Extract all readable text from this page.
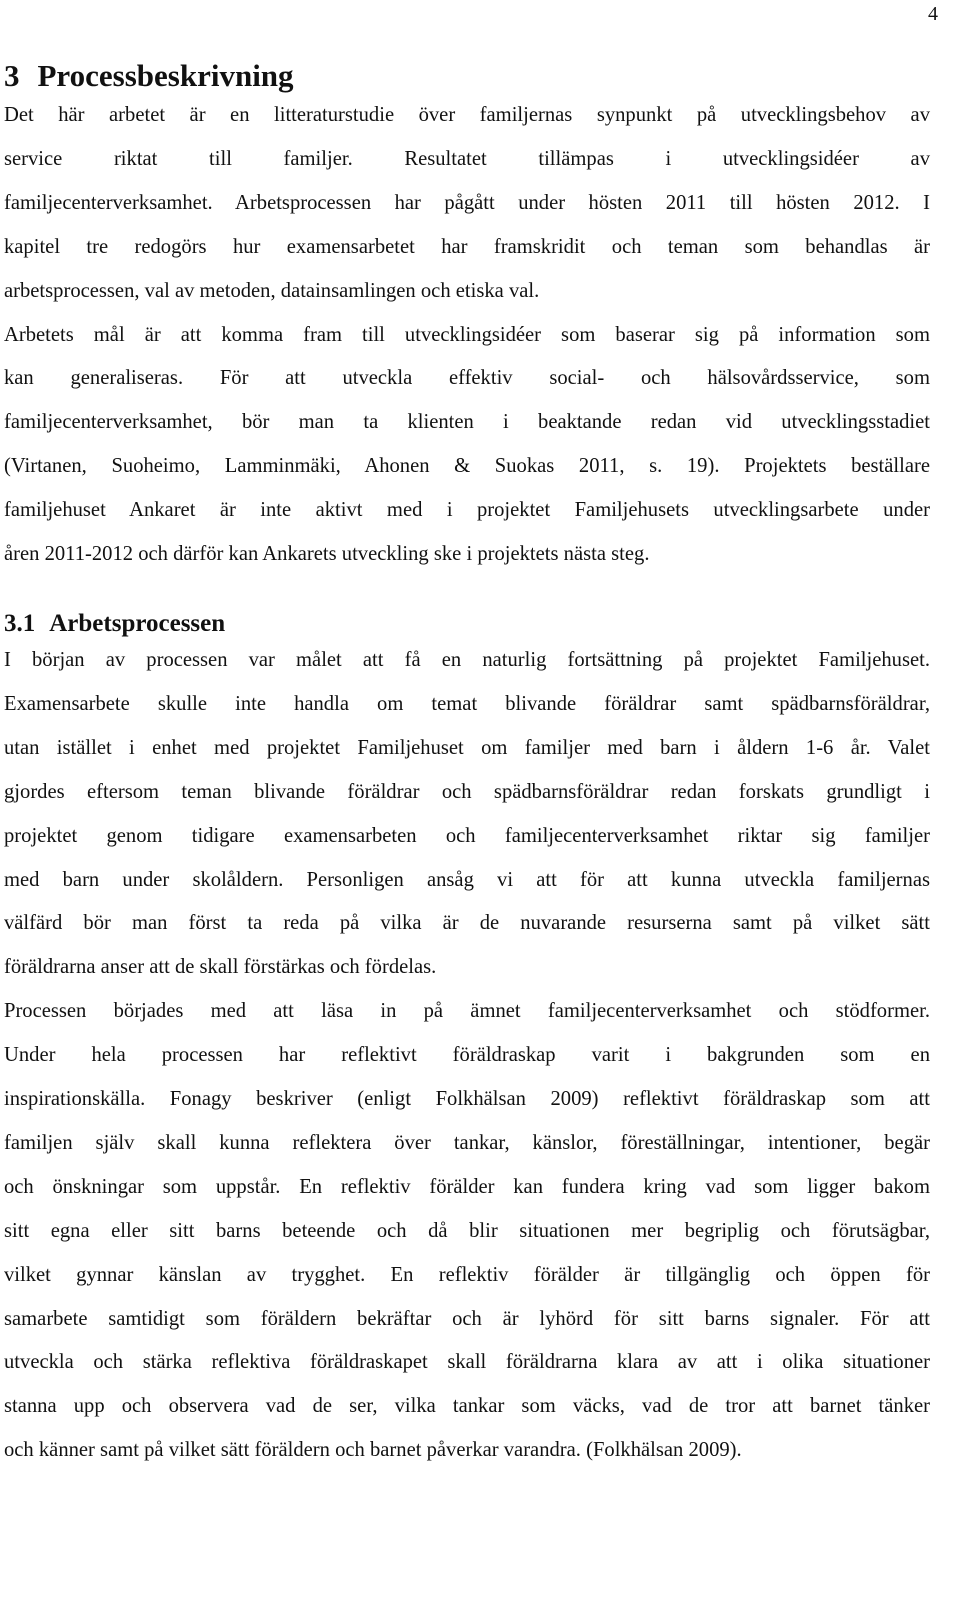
4
3 Processbeskrivning

Det här arbetet är en litteraturstudie över familjernas synpunkt på utvecklingsbehov av
service riktat till familjer. Resultatet tillämpas i utvecklingsidéer av
familjecenterverksamhet. Arbetsprocessen har pågått under hösten 2011 till hösten 2012. I
kapitel tre redogörs hur examensarbetet har framskridit och teman som behandlas är
arbetsprocessen, val av metoden, datainsamlingen och etiska val.

Arbetets mål är att komma fram till utvecklingsidéer som baserar sig på information som
kan generaliseras. För att utveckla effektiv social- och hälsovårdsservice, som
familjecenterverksamhet, bör man ta klienten i beaktande redan vid utvecklingsstadiet
(Virtanen, Suoheimo, Lamminmäki, Ahonen & Suokas 2011, s. 19). Projektets beställare
familjehuset Ankaret är inte aktivt med i projektet Familjehusets utvecklingsarbete under
åren 2011-2012 och därför kan Ankarets utveckling ske i projektets nästa steg.

3.1 Arbetsprocessen

I början av processen var målet att få en naturlig fortsättning på projektet Familjehuset.
Examensarbete skulle inte handla om temat blivande föräldrar samt spädbarnsföräldrar,
utan istället i enhet med projektet Familjehuset om familjer med barn i åldern 1-6 år. Valet
gjordes eftersom teman blivande föräldrar och spädbarnsföräldrar redan forskats grundligt i
projektet genom tidigare examensarbeten och familjecenterverksamhet riktar sig familjer
med barn under skolåldern. Personligen ansåg vi att för att kunna utveckla familjernas
välfärd bör man först ta reda på vilka är de nuvarande resurserna samt på vilket sätt
föräldrarna anser att de skall förstärkas och fördelas.

Processen börjades med att läsa in på ämnet familjecenterverksamhet och stödformer.
Under hela processen har reflektivt föräldraskap varit i bakgrunden som en
inspirationskälla. Fonagy beskriver (enligt Folkhälsan 2009) reflektivt föräldraskap som att
familjen själv skall kunna reflektera över tankar, känslor, föreställningar, intentioner, begär
och önskningar som uppstår. En reflektiv förälder kan fundera kring vad som ligger bakom
sitt egna eller sitt barns beteende och då blir situationen mer begriplig och förutsägbar,
vilket gynnar känslan av trygghet. En reflektiv förälder är tillgänglig och öppen för
samarbete samtidigt som föräldern bekräftar och är lyhörd för sitt barns signaler. För att
utveckla och stärka reflektiva föräldraskapet skall föräldrarna klara av att i olika situationer
stanna upp och observera vad de ser, vilka tankar som väcks, vad de tror att barnet tänker
och känner samt på vilket sätt föräldern och barnet påverkar varandra. (Folkhälsan 2009).
